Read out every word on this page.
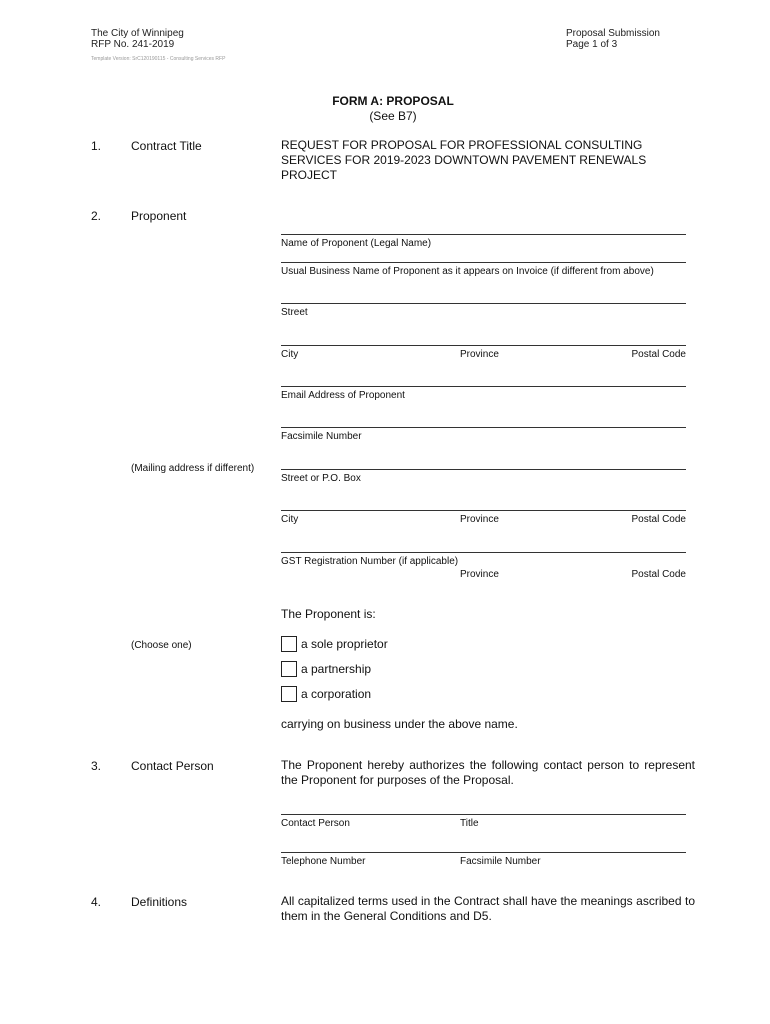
The City of Winnipeg
RFP No. 241-2019
Proposal Submission
Page 1 of 3
Template Version: SrC120190115 - Consulting Services RFP
FORM A: PROPOSAL
(See B7)
1. Contract Title	REQUEST FOR PROPOSAL FOR PROFESSIONAL CONSULTING
SERVICES FOR 2019-2023 DOWNTOWN PAVEMENT RENEWALS
PROJECT
2. Proponent
Name of Proponent (Legal Name)
Usual Business Name of Proponent as it appears on Invoice (if different from above)
Street
City	Province	Postal Code
Email Address of Proponent
Facsimile Number
(Mailing address if different)
Street or P.O. Box
City	Province	Postal Code
GST Registration Number (if applicable)
Province	Postal Code
The Proponent is:
(Choose one)	a sole proprietor
a partnership
a corporation
carrying on business under the above name.
3. Contact Person	The Proponent hereby authorizes the following contact person to represent the Proponent for purposes of the Proposal.
Contact Person	Title
Telephone Number	Facsimile Number
4. Definitions	All capitalized terms used in the Contract shall have the meanings ascribed to them in the General Conditions and D5.
